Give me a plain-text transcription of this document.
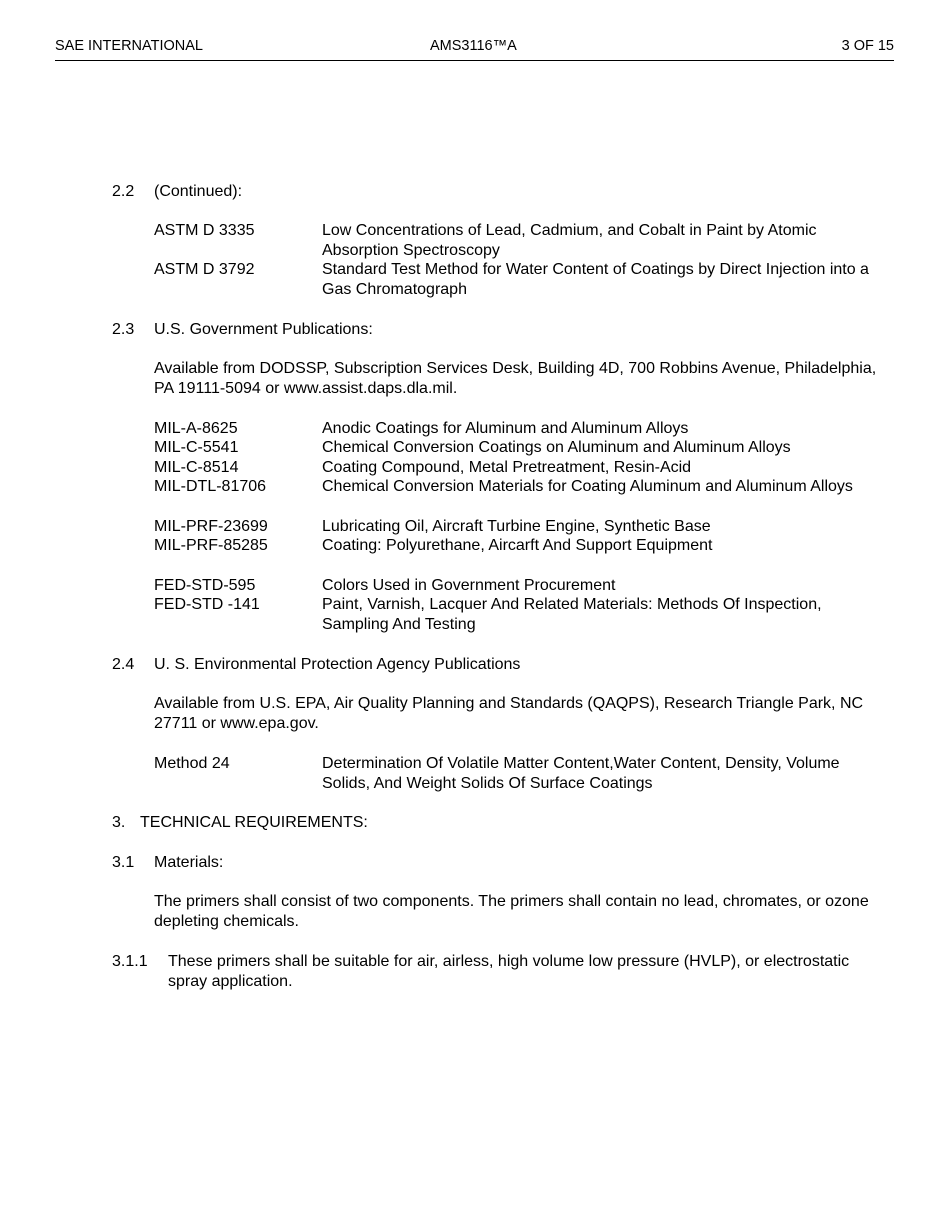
SAE INTERNATIONAL	AMS3116™A	3 OF 15
2.2 (Continued):
ASTM D 3335	Low Concentrations of Lead, Cadmium, and Cobalt in Paint by Atomic Absorption Spectroscopy
ASTM D 3792	Standard Test Method for Water Content of Coatings by Direct Injection into a Gas Chromatograph
2.3 U.S. Government Publications:
Available from DODSSP, Subscription Services Desk, Building 4D, 700 Robbins Avenue, Philadelphia, PA 19111-5094 or www.assist.daps.dla.mil.
MIL-A-8625	Anodic Coatings for Aluminum and Aluminum Alloys
MIL-C-5541	Chemical Conversion Coatings on Aluminum and Aluminum Alloys
MIL-C-8514	Coating Compound, Metal Pretreatment, Resin-Acid
MIL-DTL-81706	Chemical Conversion Materials for Coating Aluminum and Aluminum Alloys
MIL-PRF-23699	Lubricating Oil, Aircraft Turbine Engine, Synthetic Base
MIL-PRF-85285	Coating: Polyurethane, Aircarft And Support Equipment
FED-STD-595	Colors Used in Government Procurement
FED-STD -141	Paint, Varnish, Lacquer And Related Materials: Methods Of Inspection, Sampling And Testing
2.4 U. S. Environmental Protection Agency Publications
Available from U.S. EPA, Air Quality Planning and Standards (QAQPS), Research Triangle Park, NC 27711 or www.epa.gov.
Method 24	Determination Of Volatile Matter Content,Water Content, Density, Volume Solids, And Weight Solids Of Surface Coatings
3. TECHNICAL REQUIREMENTS:
3.1 Materials:
The primers shall consist of two components. The primers shall contain no lead, chromates, or ozone depleting chemicals.
3.1.1 These primers shall be suitable for air, airless, high volume low pressure (HVLP), or electrostatic spray application.
